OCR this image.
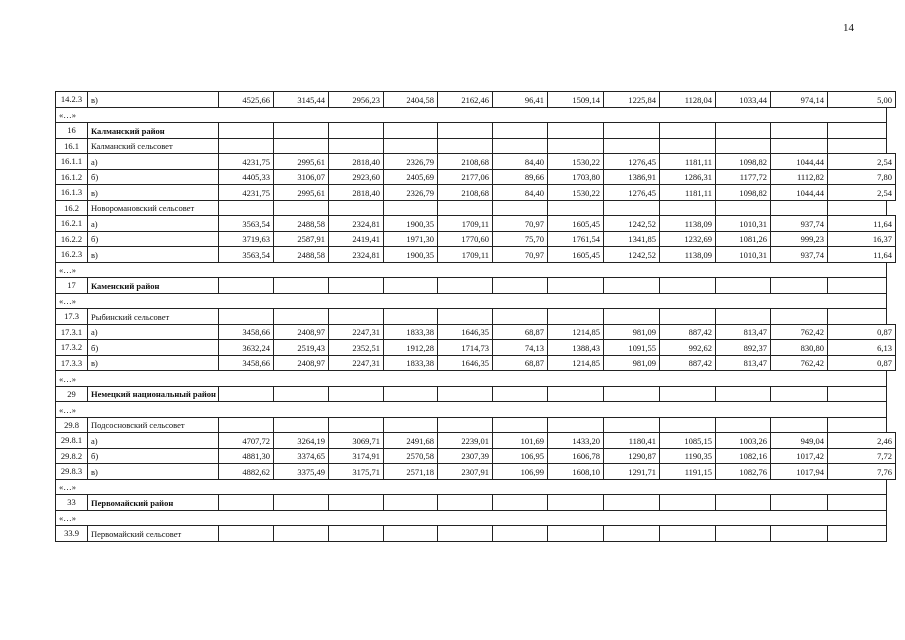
14
14.2.3	в)	4525,66	3145,44	2956,23	2404,58	2162,46	96,41	1509,14	1225,84	1128,04	1033,44	974,14	5,00
«…»													
16	Калманский район												
16.1	Калманский сельсовет												
16.1.1	а)	4231,75	2995,61	2818,40	2326,79	2108,68	84,40	1530,22	1276,45	1181,11	1098,82	1044,44	2,54
16.1.2	б)	4405,33	3106,07	2923,60	2405,69	2177,06	89,66	1703,80	1386,91	1286,31	1177,72	1112,82	7,80
16.1.3	в)	4231,75	2995,61	2818,40	2326,79	2108,68	84,40	1530,22	1276,45	1181,11	1098,82	1044,44	2,54
16.2	Новоромановский сельсовет												
16.2.1	а)	3563,54	2488,58	2324,81	1900,35	1709,11	70,97	1605,45	1242,52	1138,09	1010,31	937,74	11,64
16.2.2	б)	3719,63	2587,91	2419,41	1971,30	1770,60	75,70	1761,54	1341,85	1232,69	1081,26	999,23	16,37
16.2.3	в)	3563,54	2488,58	2324,81	1900,35	1709,11	70,97	1605,45	1242,52	1138,09	1010,31	937,74	11,64
«…»													
17	Каменский район												
«…»													
17.3	Рыбинский сельсовет												
17.3.1	а)	3458,66	2408,97	2247,31	1833,38	1646,35	68,87	1214,85	981,09	887,42	813,47	762,42	0,87
17.3.2	б)	3632,24	2519,43	2352,51	1912,28	1714,73	74,13	1388,43	1091,55	992,62	892,37	830,80	6,13
17.3.3	в)	3458,66	2408,97	2247,31	1833,38	1646,35	68,87	1214,85	981,09	887,42	813,47	762,42	0,87
«…»													
29	Немецкий национальный район												
«…»													
29.8	Подсосновский сельсовет												
29.8.1	а)	4707,72	3264,19	3069,71	2491,68	2239,01	101,69	1433,20	1180,41	1085,15	1003,26	949,04	2,46
29.8.2	б)	4881,30	3374,65	3174,91	2570,58	2307,39	106,95	1606,78	1290,87	1190,35	1082,16	1017,42	7,72
29.8.3	в)	4882,62	3375,49	3175,71	2571,18	2307,91	106,99	1608,10	1291,71	1191,15	1082,76	1017,94	7,76
«…»													
33	Первомайский район												
«…»													
33.9	Первомайский сельсовет												
